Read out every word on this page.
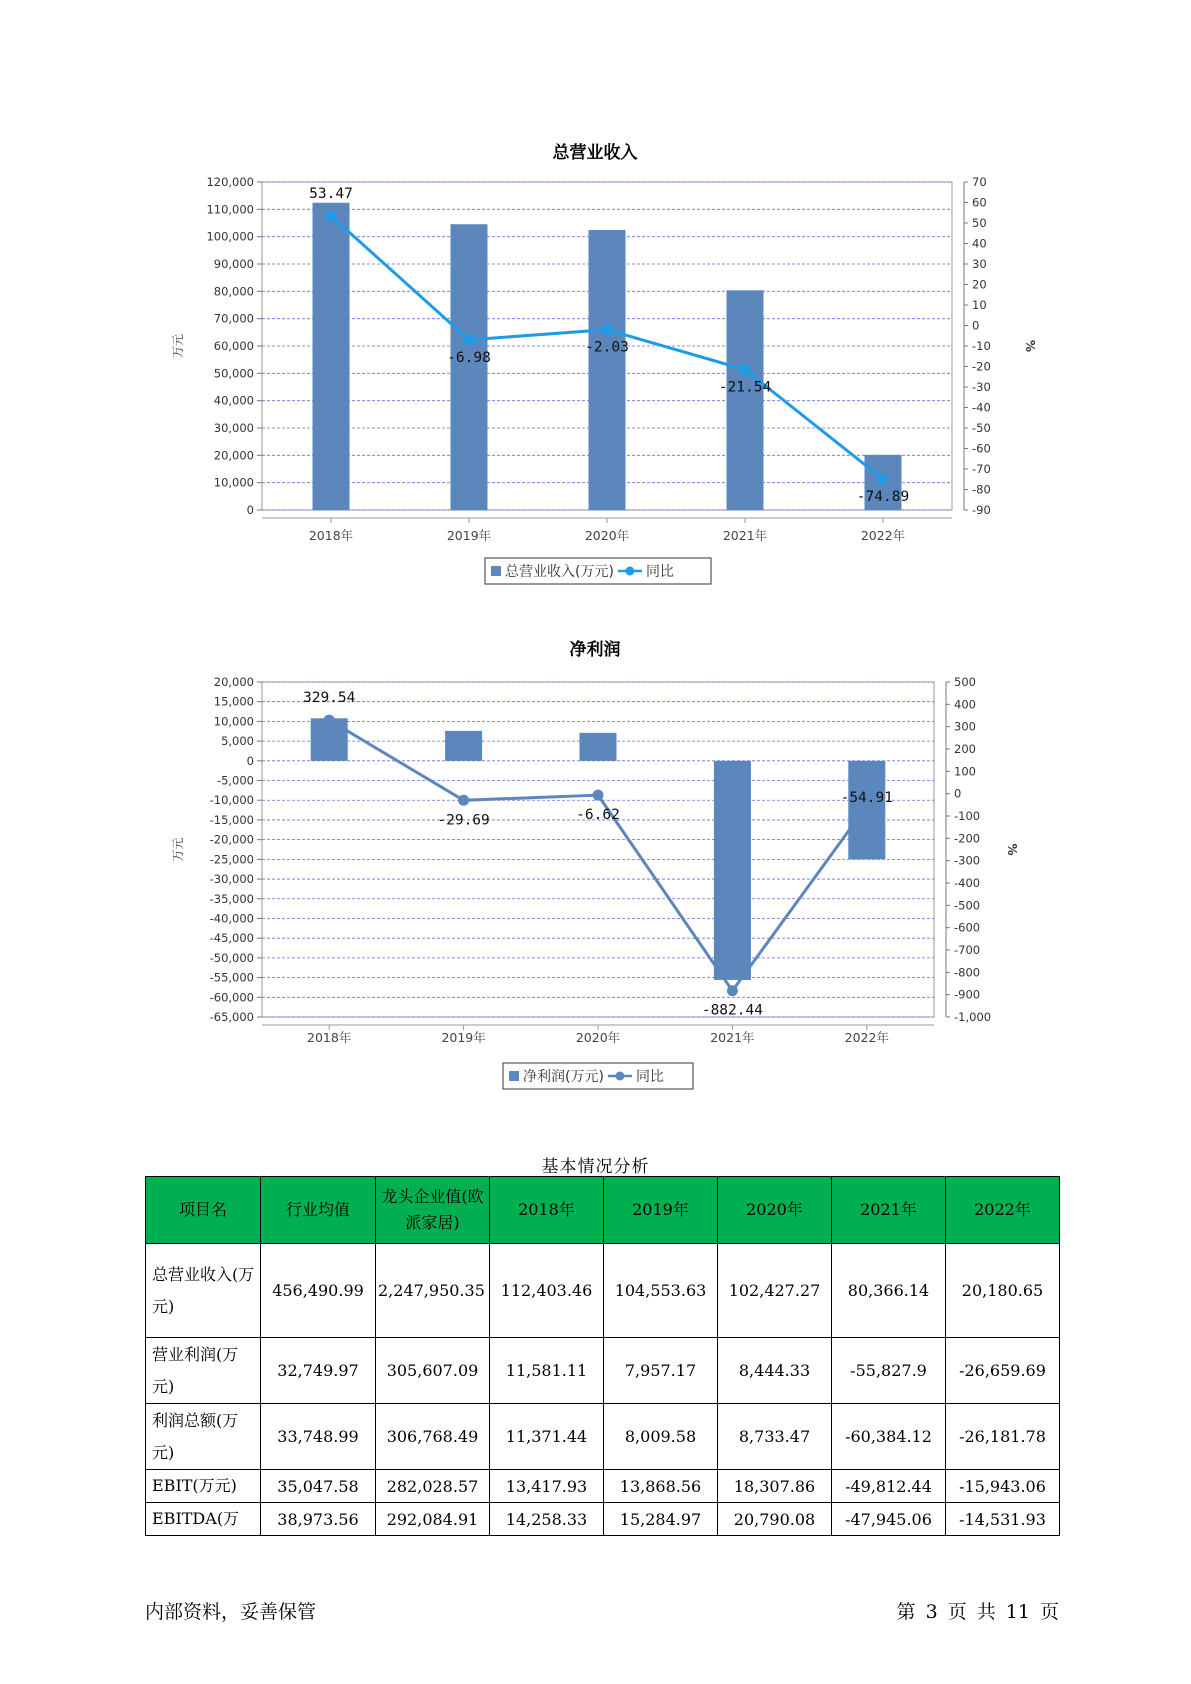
总营业收入
0
10,000
20,000
30,000
40,000
50,000
60,000
70,000
80,000
90,000
100,000
110,000
120,000
万元
-90
-80
-70
-60
-50
-40
-30
-20
-10
0
10
20
30
40
50
60
70
%
2018年	2019年	2020年	2021年	2022年
53.47
-6.98
-2.03
-21.54
-74.89
总营业收入(万元) 同比
净利润
-65,000
-60,000
-55,000
-50,000
-45,000
-40,000
-35,000
-30,000
-25,000
-20,000
-15,000
-10,000
-5,000
0
5,000
10,000
15,000
20,000
万元
-1,000
-900
-800
-700
-600
-500
-400
-300
-200
-100
0
100
200
300
400
500
%
2018年	2019年	2020年	2021年	2022年
329.54
-29.69	-6.62
-882.44
-54.91
净利润(万元) 同比
基本情况分析
项目名	行业均值	龙头企业值(欧派家居)	2018年	2019年	2020年	2021年	2022年
总营业收入(万元)	456,490.99	2,247,950.35	112,403.46	104,553.63	102,427.27	80,366.14	20,180.65
营业利润(万元)	32,749.97	305,607.09	11,581.11	7,957.17	8,444.33	-55,827.9	-26,659.69
利润总额(万元)	33,748.99	306,768.49	11,371.44	8,009.58	8,733.47	-60,384.12	-26,181.78
EBIT(万元)	35,047.58	282,028.57	13,417.93	13,868.56	18,307.86	-49,812.44	-15,943.06
EBITDA(万	38,973.56	292,084.91	14,258.33	15,284.97	20,790.08	-47,945.06	-14,531.93
内部资料，妥善保管	第 3 页 共 11 页
